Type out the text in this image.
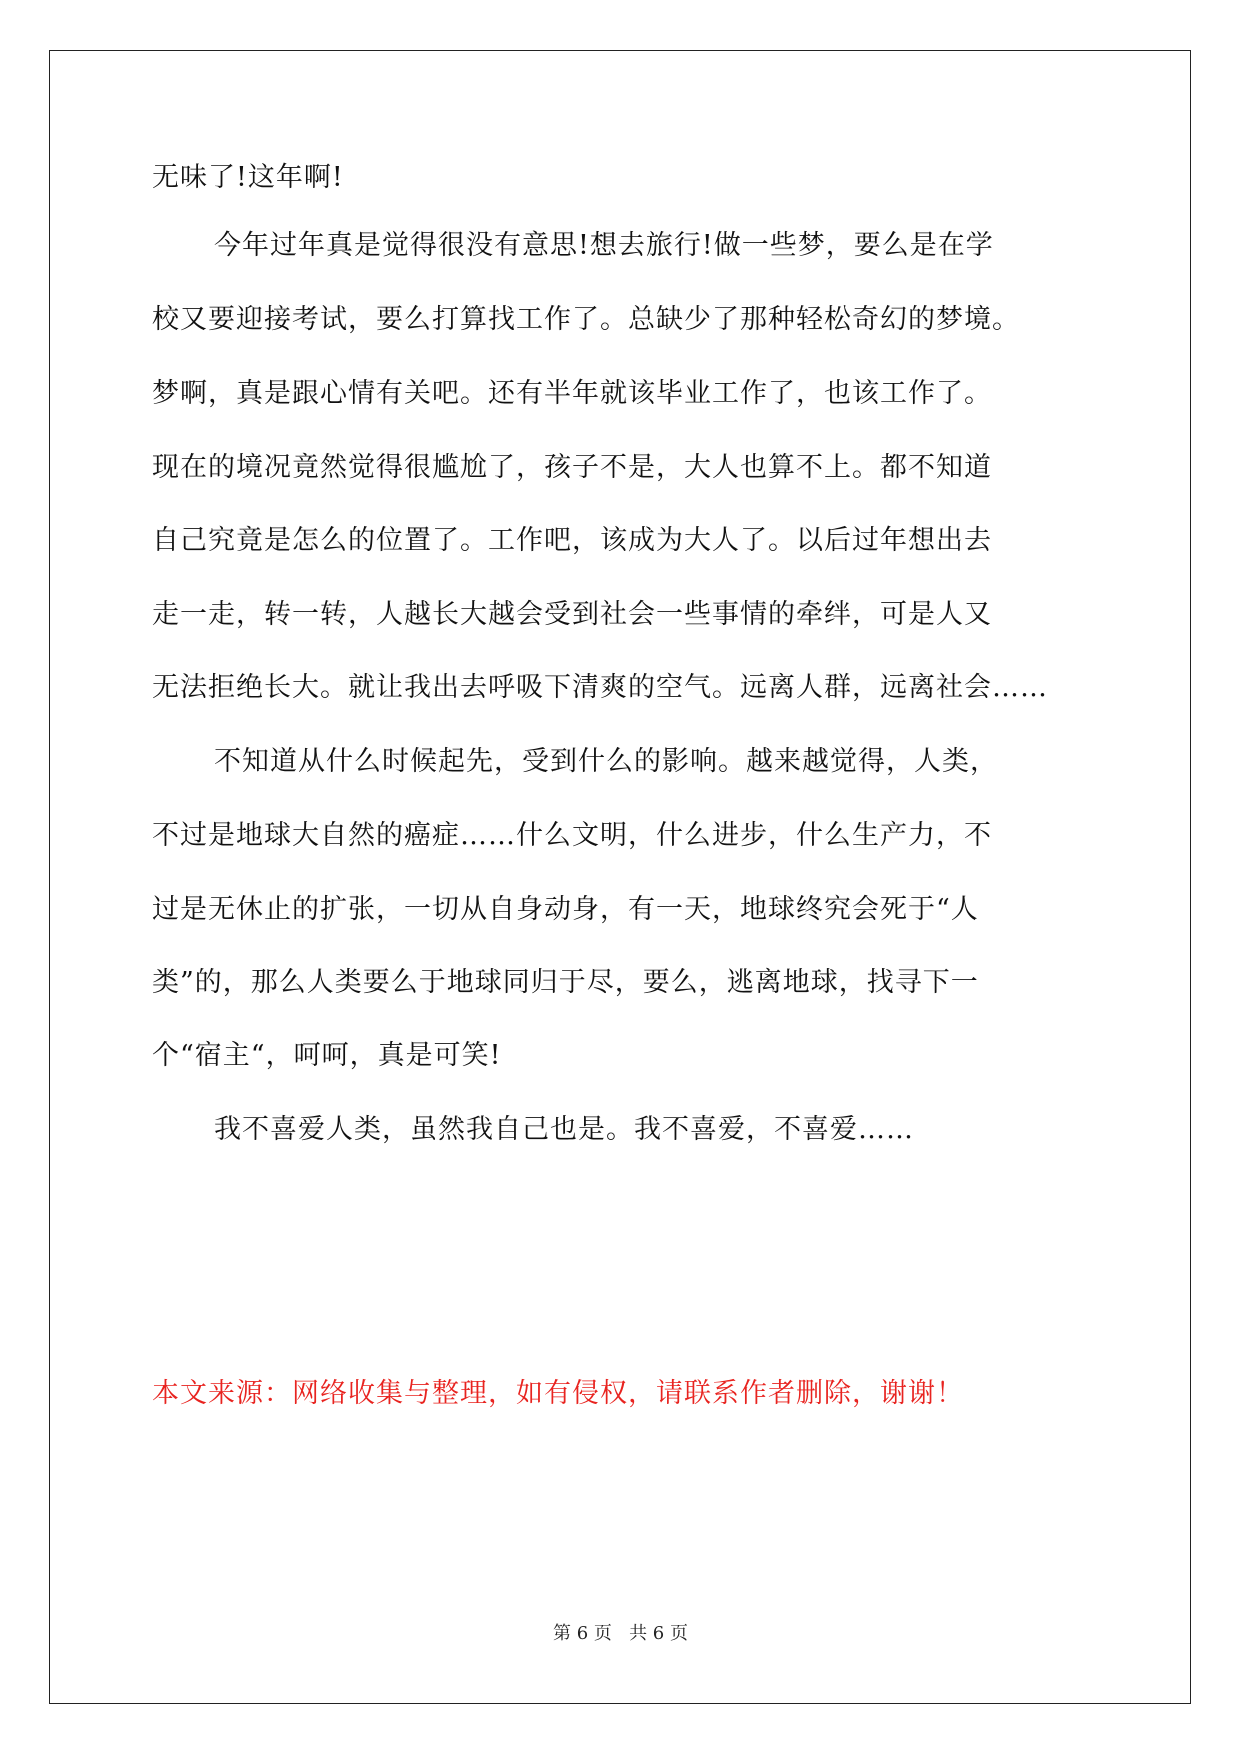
无味了!这年啊!
今年过年真是觉得很没有意思!想去旅行!做一些梦，要么是在学
校又要迎接考试，要么打算找工作了。总缺少了那种轻松奇幻的梦境。
梦啊，真是跟心情有关吧。还有半年就该毕业工作了，也该工作了。
现在的境况竟然觉得很尴尬了，孩子不是，大人也算不上。都不知道
自己究竟是怎么的位置了。工作吧，该成为大人了。以后过年想出去
走一走，转一转，人越长大越会受到社会一些事情的牵绊，可是人又
无法拒绝长大。就让我出去呼吸下清爽的空气。远离人群，远离社会……
不知道从什么时候起先，受到什么的影响。越来越觉得，人类，
不过是地球大自然的癌症……什么文明，什么进步，什么生产力，不
过是无休止的扩张，一切从自身动身，有一天，地球终究会死于“人
类”的，那么人类要么于地球同归于尽，要么，逃离地球，找寻下一
个“宿主“，呵呵，真是可笑!
我不喜爱人类，虽然我自己也是。我不喜爱，不喜爱……
本文来源：网络收集与整理，如有侵权，请联系作者删除，谢谢！
第 6 页   共 6 页
